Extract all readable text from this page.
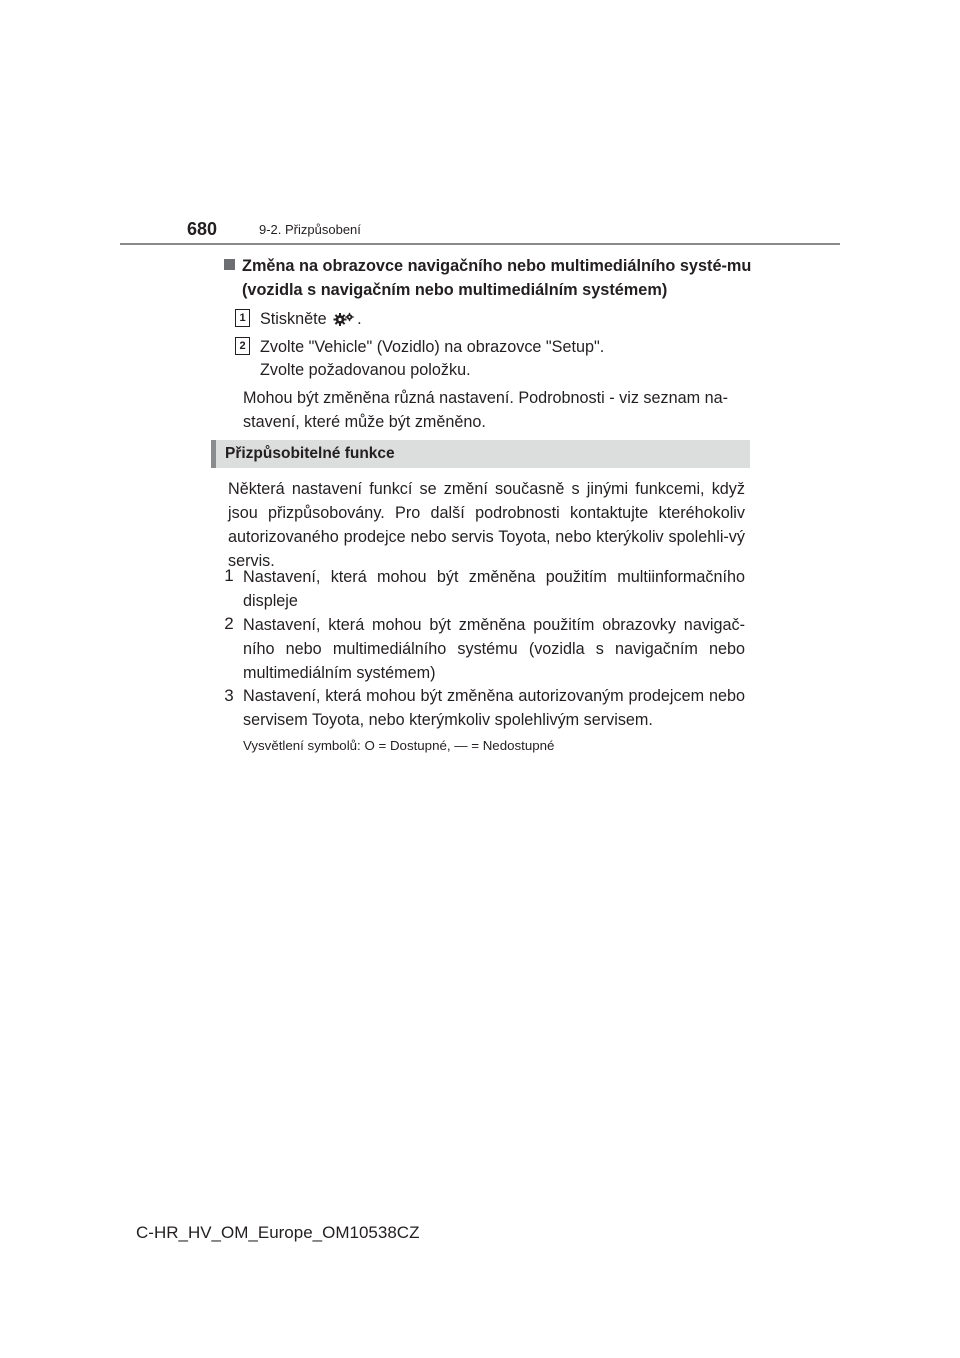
680	9-2. Přizpůsobení
Změna na obrazovce navigačního nebo multimediálního systé-mu (vozidla s navigačním nebo multimediálním systémem)
1 Stiskněte .
2 Zvolte "Vehicle" (Vozidlo) na obrazovce "Setup".
Zvolte požadovanou položku.
Mohou být změněna různá nastavení. Podrobnosti - viz seznam na-stavení, které může být změněno.
Přizpůsobitelné funkce
Některá nastavení funkcí se změní současně s jinými funkcemi, když jsou přizpůsobovány. Pro další podrobnosti kontaktujte kteréhokoliv autorizovaného prodejce nebo servis Toyota, nebo kterýkoliv spolehli-vý servis.
1 Nastavení, která mohou být změněna použitím multiinformačního displeje
2 Nastavení, která mohou být změněna použitím obrazovky navigač-ního nebo multimediálního systému (vozidla s navigačním nebo multimediálním systémem)
3 Nastavení, která mohou být změněna autorizovaným prodejcem nebo servisem Toyota, nebo kterýmkoliv spolehlivým servisem.
Vysvětlení symbolů: O = Dostupné, — = Nedostupné
C-HR_HV_OM_Europe_OM10538CZ
